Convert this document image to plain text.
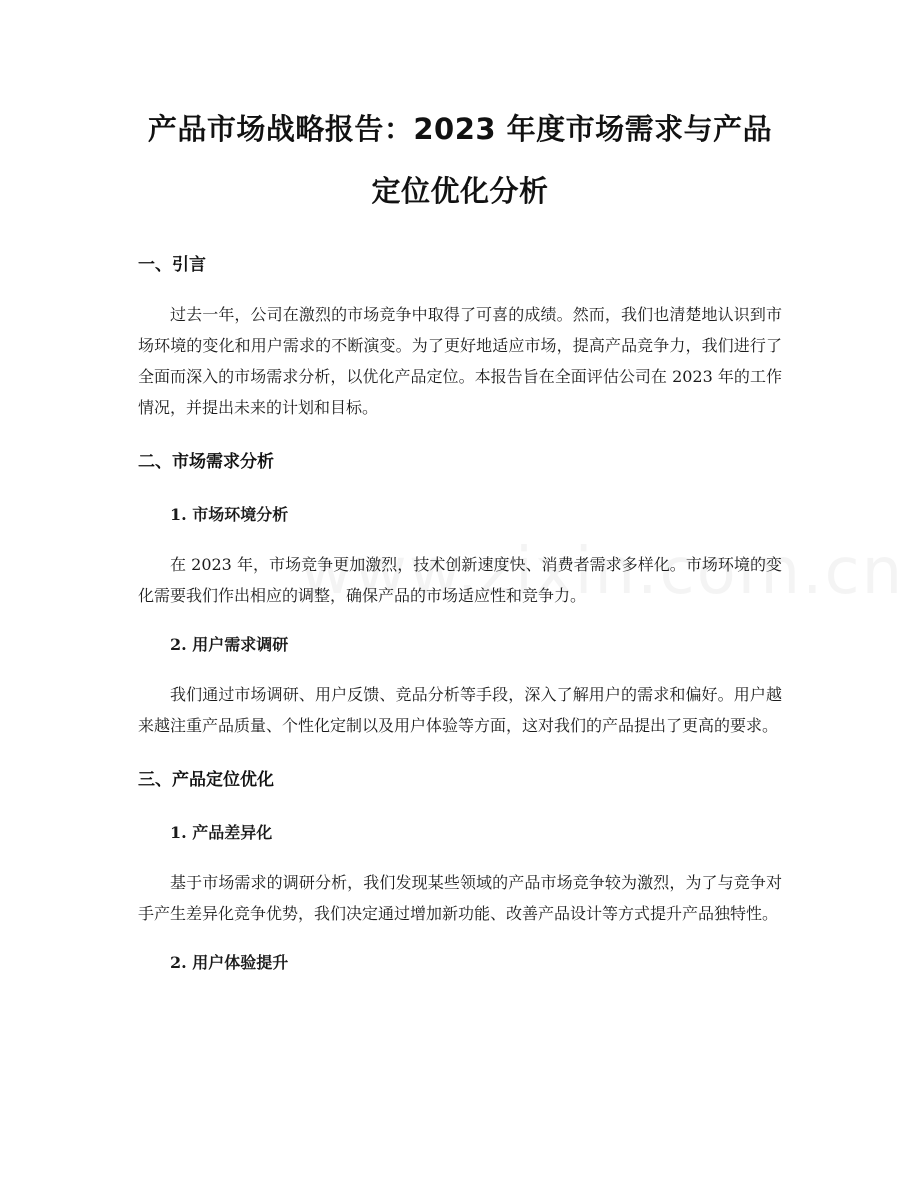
产品市场战略报告：2023 年度市场需求与产品定位优化分析
一、引言

过去一年，公司在激烈的市场竞争中取得了可喜的成绩。然而，我们也清楚地认识到市场环境的变化和用户需求的不断演变。为了更好地适应市场，提高产品竞争力，我们进行了全面而深入的市场需求分析，以优化产品定位。本报告旨在全面评估公司在 2023 年的工作情况，并提出未来的计划和目标。

二、市场需求分析
1. 市场环境分析

在 2023 年，市场竞争更加激烈，技术创新速度快、消费者需求多样化。市场环境的变化需要我们作出相应的调整，确保产品的市场适应性和竞争力。

2. 用户需求调研

我们通过市场调研、用户反馈、竞品分析等手段，深入了解用户的需求和偏好。用户越来越注重产品质量、个性化定制以及用户体验等方面，这对我们的产品提出了更高的要求。

三、产品定位优化
1. 产品差异化

基于市场需求的调研分析，我们发现某些领域的产品市场竞争较为激烈，为了与竞争对手产生差异化竞争优势，我们决定通过增加新功能、改善产品设计等方式提升产品独特性。

2. 用户体验提升
